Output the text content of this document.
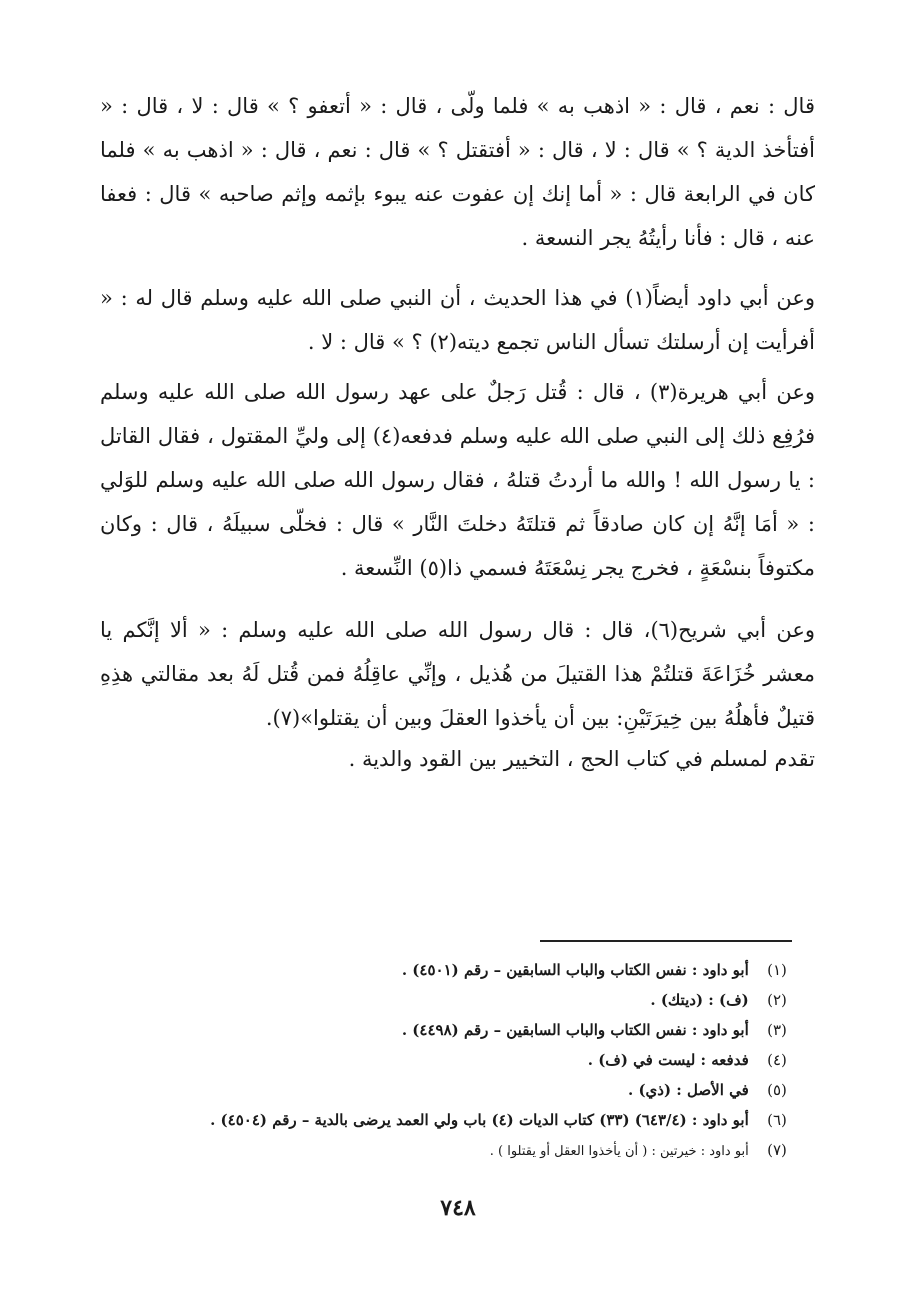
قال : نعم ، قال : « اذهب به » فلما ولّى ، قال : « أتعفو ؟ » قال : لا ، قال : « أفتأخذ الدية ؟ » قال : لا ، قال : « أفتقتل ؟ » قال : نعم ، قال : « اذهب به » فلما كان في الرابعة قال : « أما إنك إن عفوت عنه يبوء بإثمه وإثم صاحبه » قال : فعفا عنه ، قال : فأنا رأيتُهُ يجر النسعة .

وعن أبي داود أيضاً(١) في هذا الحديث ، أن النبي صلى الله عليه وسلم قال له : « أفرأيت إن أرسلتك تسأل الناس تجمع ديته(٢) ؟ » قال : لا .

وعن أبي هريرة(٣) ، قال : قُتل رَجلٌ على عهد رسول الله صلى الله عليه وسلم فرُفِع ذلك إلى النبي صلى الله عليه وسلم فدفعه(٤) إلى وليِّ المقتول ، فقال القاتل : يا رسول الله ! والله ما أردتُ قتلهُ ، فقال رسول الله صلى الله عليه وسلم للوَلي : « أمَا إنَّهُ إن كان صادقاً ثم قتلتَهُ دخلتَ النَّار » قال : فخلّى سبيلَهُ ، قال : وكان مكتوفاً بنسْعَةٍ ، فخرج يجر نِسْعَتَهُ فسمي ذا(٥) النِّسعة .

وعن أبي شريح(٦)، قال : قال رسول الله صلى الله عليه وسلم : « ألا إنَّكم يا معشر خُزَاعَةَ قتلتُمْ هذا القتيلَ من هُذيل ، وإنِّي عاقِلُهُ فمن قُتل لَهُ بعد مقالتي هذِهِ قتيلٌ فأهلُهُ بين خِيرَتَيْنِ: بين أن يأخذوا العقلَ وبين أن يقتلوا»(٧).

تقدم لمسلم في كتاب الحج ، التخيير بين القود والدية .

(١) أبو داود : نفس الكتاب والباب السابقين – رقم (٤٥٠١) .
(٢) (ف) : (ديتك) .
(٣) أبو داود : نفس الكتاب والباب السابقين – رقم (٤٤٩٨) .
(٤) فدفعه : ليست في (ف) .
(٥) في الأصل : (ذي) .
(٦) أبو داود : (٦٤٣/٤) (٣٣) كتاب الديات (٤) باب ولي العمد يرضى بالدية – رقم (٤٥٠٤) .
(٧) أبو داود : خيرتين : ( أن يأخذوا العقل أو يقتلوا ) .
٧٤٨
